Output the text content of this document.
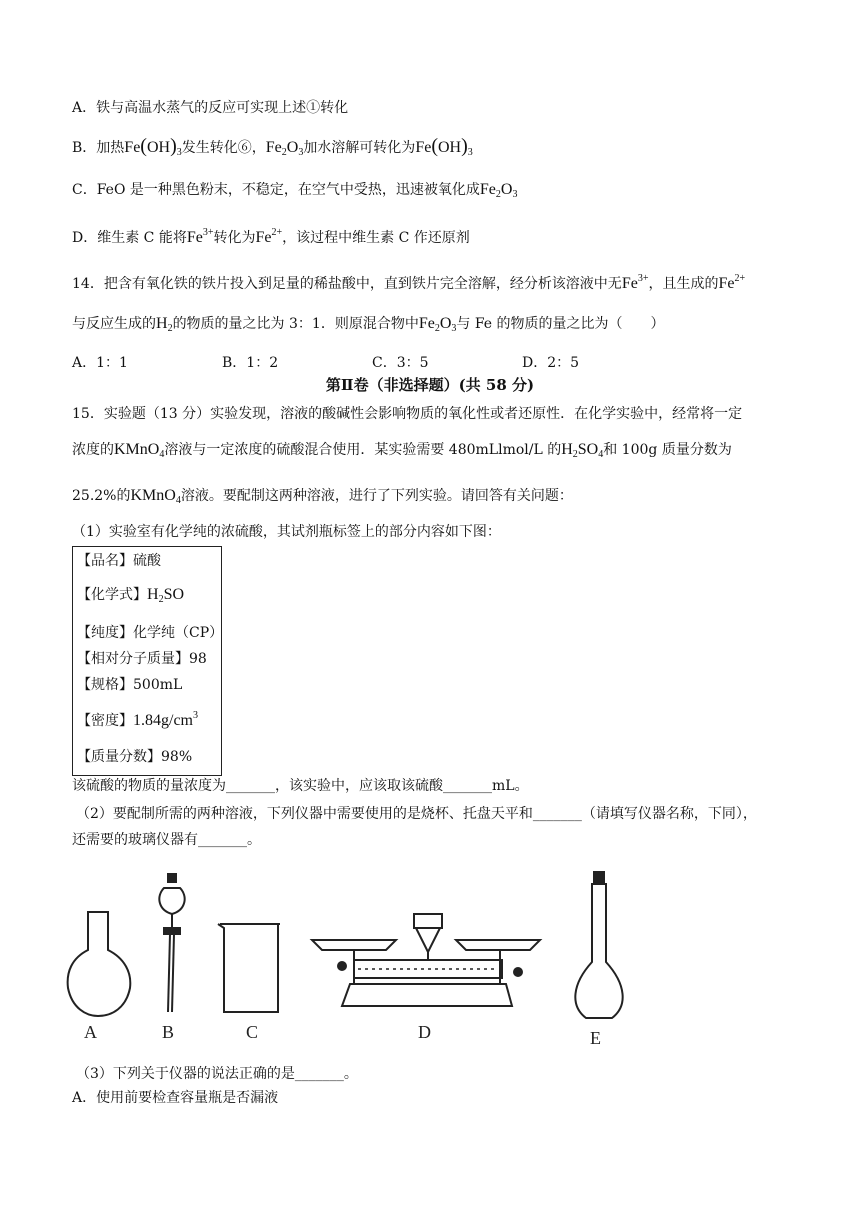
A．铁与高温水蒸气的反应可实现上述①转化
B．加热$Fe(OH)_3$发生转化⑥，$Fe_2O_3$加水溶解可转化为$Fe(OH)_3$
C．FeO 是一种黑色粉末，不稳定，在空气中受热，迅速被氧化成$Fe_2O_3$
D．维生素 C 能将$Fe^{3+}$转化为$Fe^{2+}$，该过程中维生素 C 作还原剂
14．把含有氧化铁的铁片投入到足量的稀盐酸中，直到铁片完全溶解，经分析该溶液中无$Fe^{3+}$，且生成的$Fe^{2+}$
与反应生成的$H_2$的物质的量之比为 3：1．则原混合物中$Fe_2O_3$与 Fe 的物质的量之比为（　　）
A．1：1	B．1：2	C．3：5	D．2：5
第Ⅱ卷（非选择题）(共 58 分)
15．实验题（13 分）实验发现，溶液的酸碱性会影响物质的氧化性或者还原性．在化学实验中，经常将一定
浓度的KMnO$_4$溶液与一定浓度的硫酸混合使用．某实验需要 480mLlmol/L 的$H_2SO_4$和 100g 质量分数为
25.2%的KMnO$_4$溶液。要配制这两种溶液，进行了下列实验。请回答有关问题：
（1）实验室有化学纯的浓硫酸，其试剂瓶标签上的部分内容如下图：
【品名】硫酸
【化学式】$H_2SO$
【纯度】化学纯（CP）
【相对分子质量】98
【规格】500mL
【密度】$1.84g/cm^3$
【质量分数】98%
该硫酸的物质的量浓度为_______，该实验中，应该取该硫酸_______mL。
（2）要配制所需的两种溶液，下列仪器中需要使用的是烧杯、托盘天平和_______（请填写仪器名称，下同），
还需要的玻璃仪器有_______。
A	B	C	D	E
（3）下列关于仪器的说法正确的是_______。
A．使用前要检查容量瓶是否漏液
